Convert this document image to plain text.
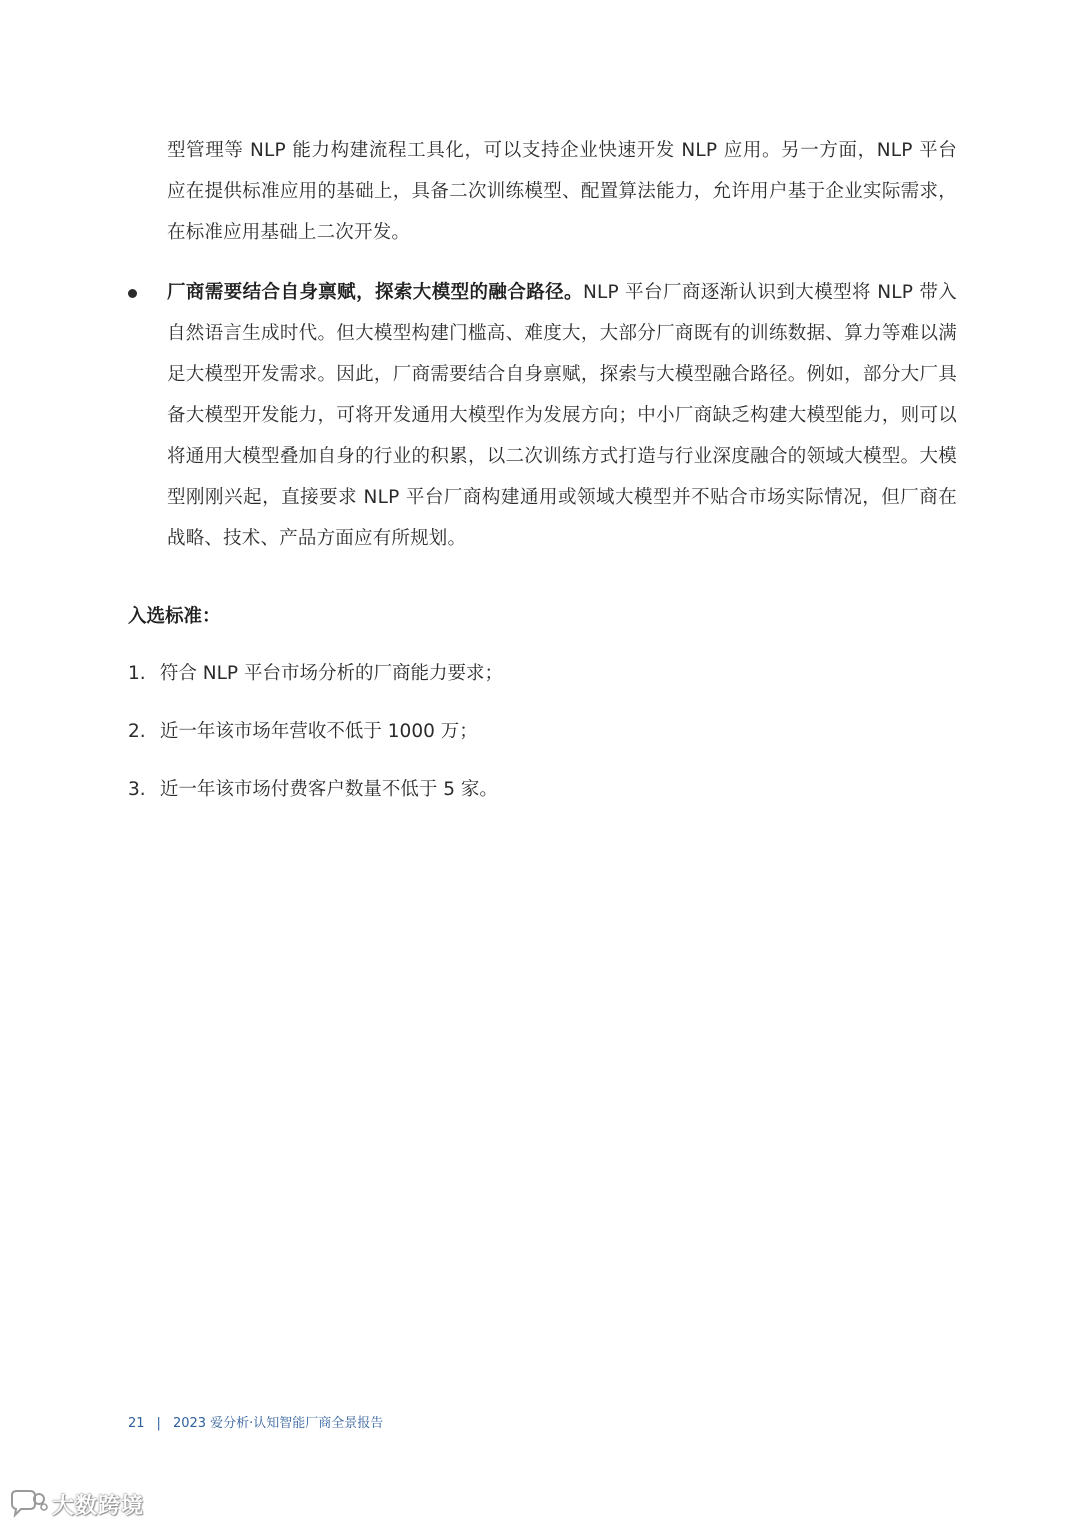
型管理等 NLP 能力构建流程工具化，可以支持企业快速开发 NLP 应用。另一方面，NLP 平台应在提供标准应用的基础上，具备二次训练模型、配置算法能力，允许用户基于企业实际需求，在标准应用基础上二次开发。
厂商需要结合自身禀赋，探索大模型的融合路径。NLP 平台厂商逐渐认识到大模型将 NLP 带入自然语言生成时代。但大模型构建门槛高、难度大，大部分厂商既有的训练数据、算力等难以满足大模型开发需求。因此，厂商需要结合自身禀赋，探索与大模型融合路径。例如，部分大厂具备大模型开发能力，可将开发通用大模型作为发展方向；中小厂商缺乏构建大模型能力，则可以将通用大模型叠加自身的行业的积累，以二次训练方式打造与行业深度融合的领域大模型。大模型刚刚兴起，直接要求 NLP 平台厂商构建通用或领域大模型并不贴合市场实际情况，但厂商在战略、技术、产品方面应有所规划。
入选标准：
1. 符合 NLP 平台市场分析的厂商能力要求；
2. 近一年该市场年营收不低于 1000 万；
3. 近一年该市场付费客户数量不低于 5 家。
21 | 2023 爱分析·认知智能厂商全景报告
大数跨境
